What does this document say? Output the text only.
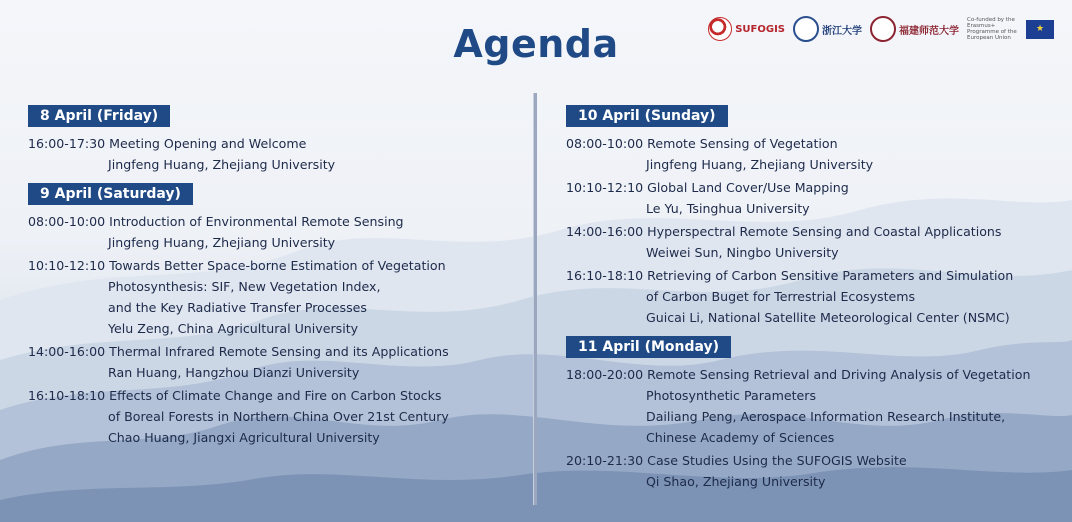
Agenda	SUFOGIS	浙江大学	福建师范大学
Co-funded by the Erasmus+ Programme of the European Union
★
8 April (Friday)
16:00-17:30
Meeting Opening and Welcome
Jingfeng Huang, Zhejiang University
9 April (Saturday)
08:00-10:00
Introduction of Environmental Remote Sensing
Jingfeng Huang, Zhejiang University
10:10-12:10
Towards Better Space-borne Estimation of Vegetation
Photosynthesis: SIF, New Vegetation Index,
and the Key Radiative Transfer Processes
Yelu Zeng, China Agricultural University
14:00-16:00
Thermal Infrared Remote Sensing and its Applications
Ran Huang, Hangzhou Dianzi University
16:10-18:10
Effects of Climate Change and Fire on Carbon Stocks
of Boreal Forests in Northern China Over 21st Century
Chao Huang, Jiangxi Agricultural University
10 April (Sunday)
08:00-10:00
Remote Sensing of Vegetation
Jingfeng Huang, Zhejiang University
10:10-12:10
Global Land Cover/Use Mapping
Le Yu, Tsinghua University
14:00-16:00
Hyperspectral Remote Sensing and Coastal Applications
Weiwei Sun, Ningbo University
16:10-18:10
Retrieving of Carbon Sensitive Parameters and Simulation
of Carbon Buget for Terrestrial Ecosystems
Guicai Li, National Satellite Meteorological Center (NSMC)
11 April (Monday)
18:00-20:00
Remote Sensing Retrieval and Driving Analysis of Vegetation
Photosynthetic Parameters
Dailiang Peng, Aerospace Information Research Institute,
Chinese Academy of Sciences
20:10-21:30
Case Studies Using the SUFOGIS Website
Qi Shao, Zhejiang University
